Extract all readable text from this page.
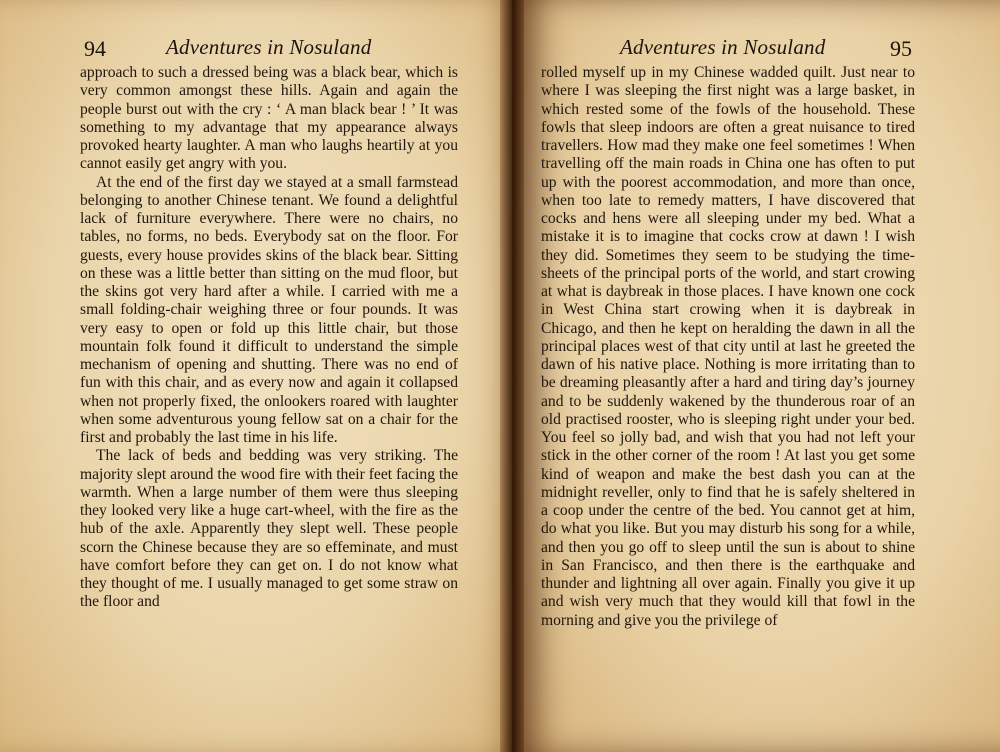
94	Adventures in Nosuland

approach to such a dressed being was a black bear, which is very common amongst these hills. Again and again the people burst out with the cry : ‘ A man black bear ! ’ It was something to my advantage that my appearance always provoked hearty laughter. A man who laughs heartily at you cannot easily get angry with you.

At the end of the first day we stayed at a small farmstead belonging to another Chinese tenant. We found a delightful lack of furniture everywhere. There were no chairs, no tables, no forms, no beds. Everybody sat on the floor. For guests, every house provides skins of the black bear. Sitting on these was a little better than sitting on the mud floor, but the skins got very hard after a while. I carried with me a small folding-chair weighing three or four pounds. It was very easy to open or fold up this little chair, but those mountain folk found it difficult to understand the simple mechanism of opening and shutting. There was no end of fun with this chair, and as every now and again it collapsed when not properly fixed, the onlookers roared with laughter when some adventurous young fellow sat on a chair for the first and probably the last time in his life.

The lack of beds and bedding was very striking. The majority slept around the wood fire with their feet facing the warmth. When a large number of them were thus sleeping they looked very like a huge cart-wheel, with the fire as the hub of the axle. Apparently they slept well. These people scorn the Chinese because they are so effeminate, and must have comfort before they can get on. I do not know what they thought of me. I usually managed to get some straw on the floor and

Adventures in Nosuland	95

rolled myself up in my Chinese wadded quilt. Just near to where I was sleeping the first night was a large basket, in which rested some of the fowls of the household. These fowls that sleep indoors are often a great nuisance to tired travellers. How mad they make one feel sometimes ! When travelling off the main roads in China one has often to put up with the poorest accommodation, and more than once, when too late to remedy matters, I have discovered that cocks and hens were all sleeping under my bed. What a mistake it is to imagine that cocks crow at dawn ! I wish they did. Sometimes they seem to be studying the time-sheets of the principal ports of the world, and start crowing at what is daybreak in those places. I have known one cock in West China start crowing when it is daybreak in Chicago, and then he kept on heralding the dawn in all the principal places west of that city until at last he greeted the dawn of his native place. Nothing is more irritating than to be dreaming pleasantly after a hard and tiring day’s journey and to be suddenly wakened by the thunderous roar of an old practised rooster, who is sleeping right under your bed. You feel so jolly bad, and wish that you had not left your stick in the other corner of the room ! At last you get some kind of weapon and make the best dash you can at the midnight reveller, only to find that he is safely sheltered in a coop under the centre of the bed. You cannot get at him, do what you like. But you may disturb his song for a while, and then you go off to sleep until the sun is about to shine in San Francisco, and then there is the earthquake and thunder and lightning all over again. Finally you give it up and wish very much that they would kill that fowl in the morning and give you the privilege of
